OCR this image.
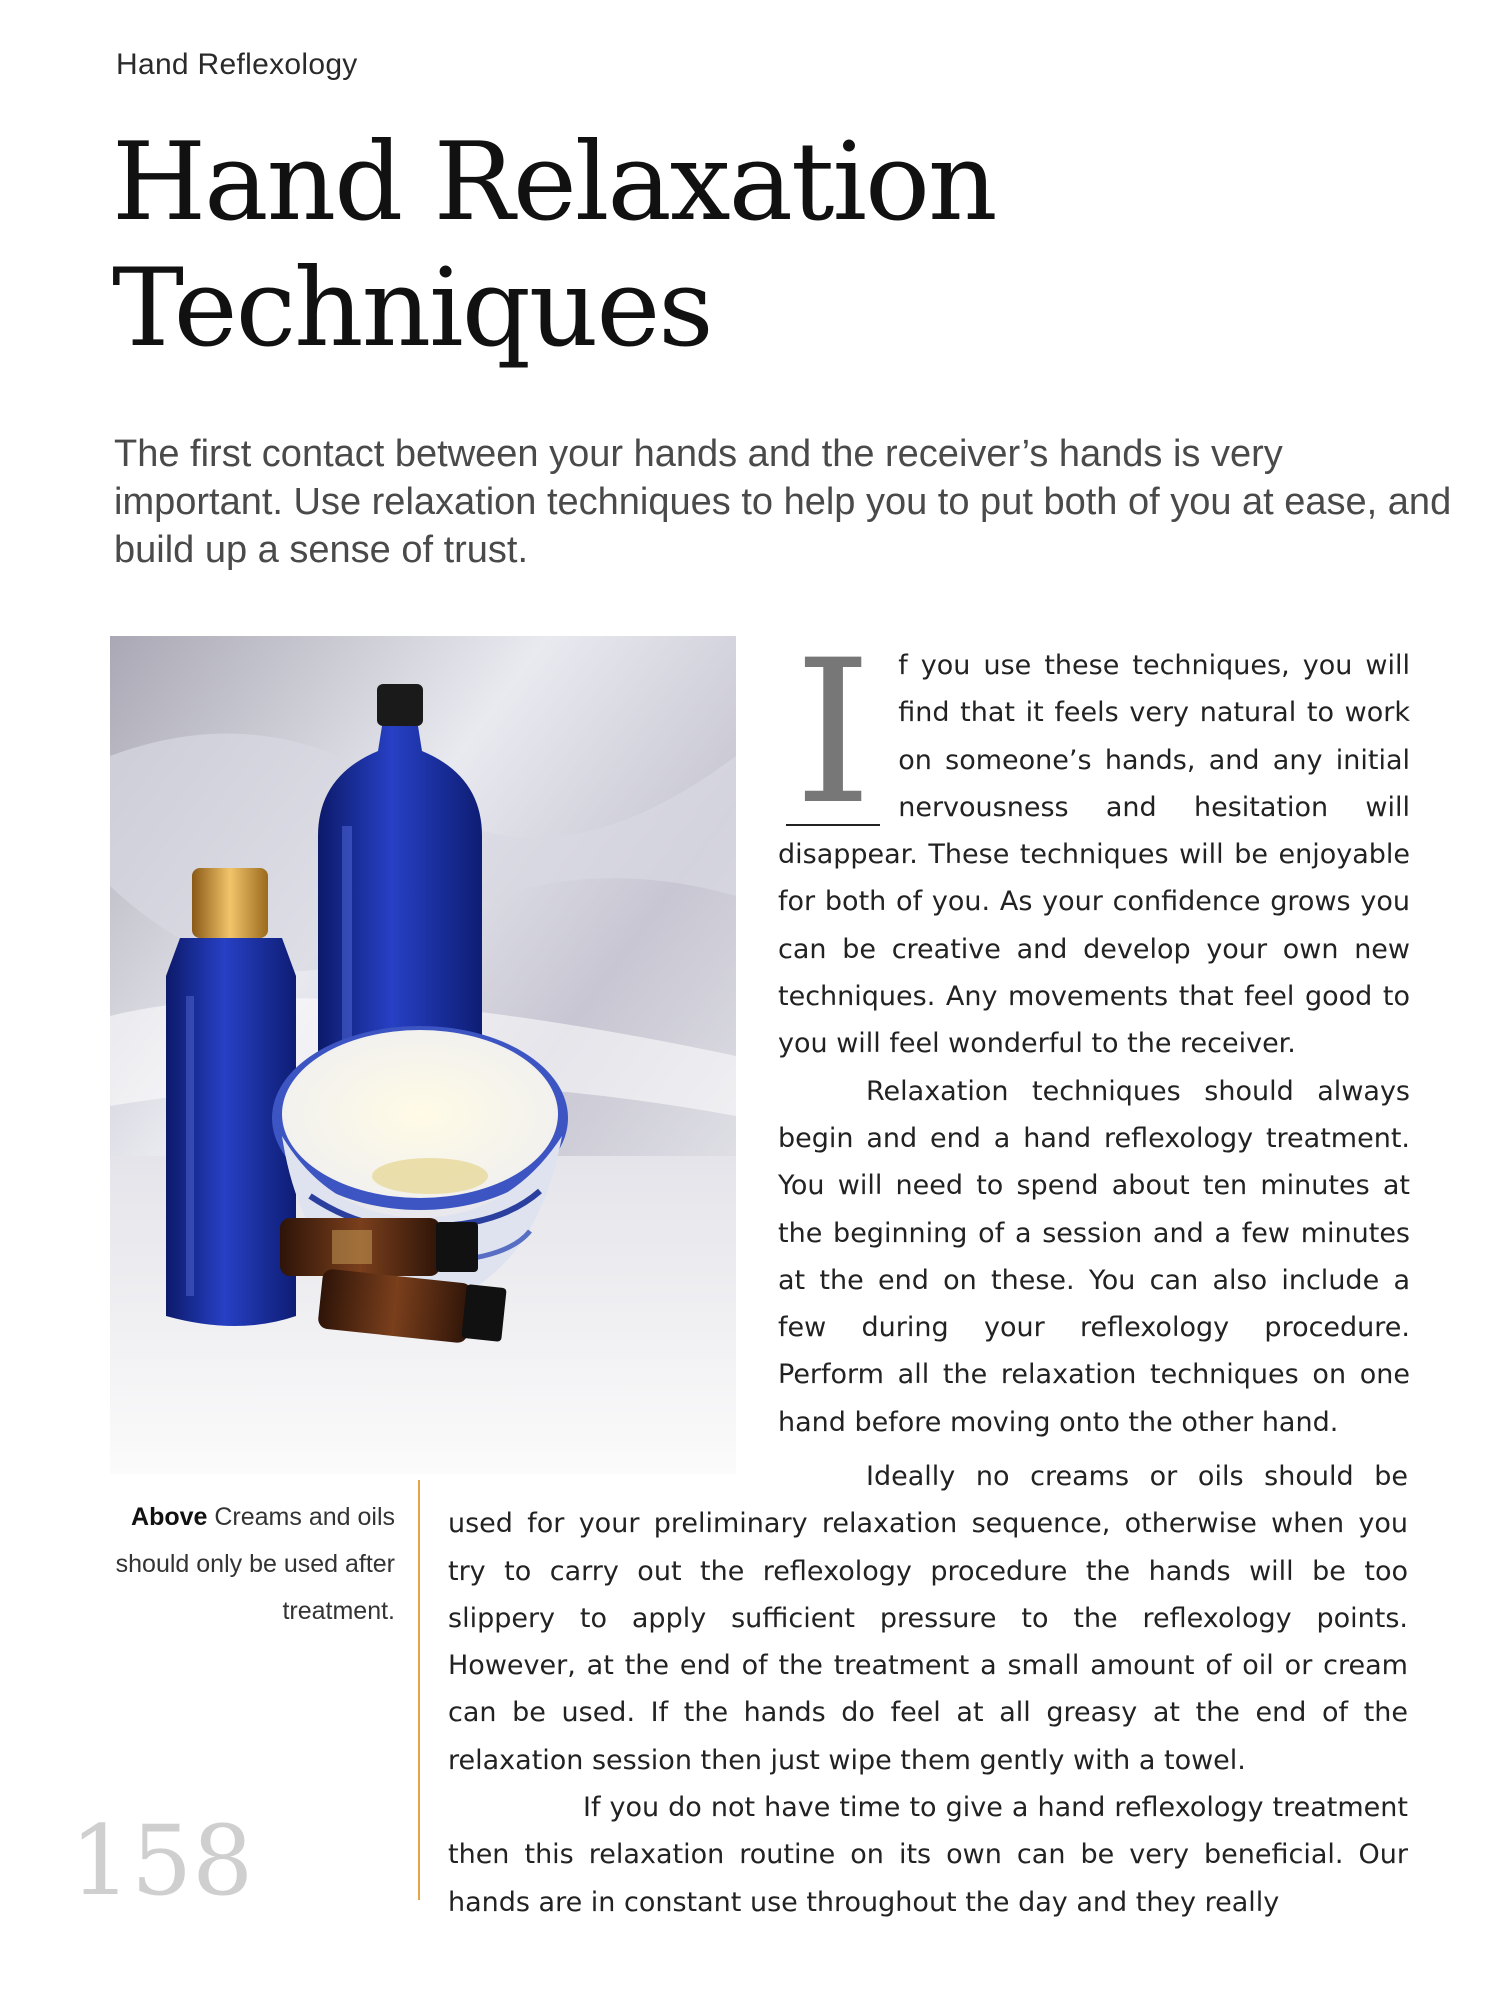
Hand Reflexology
Hand Relaxation
Techniques

The first contact between your hands and the receiver’s hands is very important. Use relaxation techniques to help you to put both of you at ease, and build up a sense of trust.

Above Creams and oils should only be used after treatment.

I f you use these techniques, you will find that it feels very natural to work on someone’s hands, and any initial nervousness and hesitation will disappear. These techniques will be enjoyable for both of you. As your confidence grows you can be creative and develop your own new techniques. Any movements that feel good to you will feel wonderful to the receiver.

Relaxation techniques should always begin and end a hand reflexology treatment. You will need to spend about ten minutes at the beginning of a session and a few minutes at the end on these. You can also include a few during your reflexology procedure. Perform all the relaxation techniques on one hand before moving onto the other hand.

Ideally no creams or oils should be used for your preliminary relaxation sequence, otherwise when you try to carry out the reflexology procedure the hands will be too slippery to apply sufficient pressure to the reflexology points. However, at the end of the treatment a small amount of oil or cream can be used. If the hands do feel at all greasy at the end of the relaxation session then just wipe them gently with a towel.

If you do not have time to give a hand reflexology treatment then this relaxation routine on its own can be very beneficial. Our hands are in constant use throughout the day and they really

158
